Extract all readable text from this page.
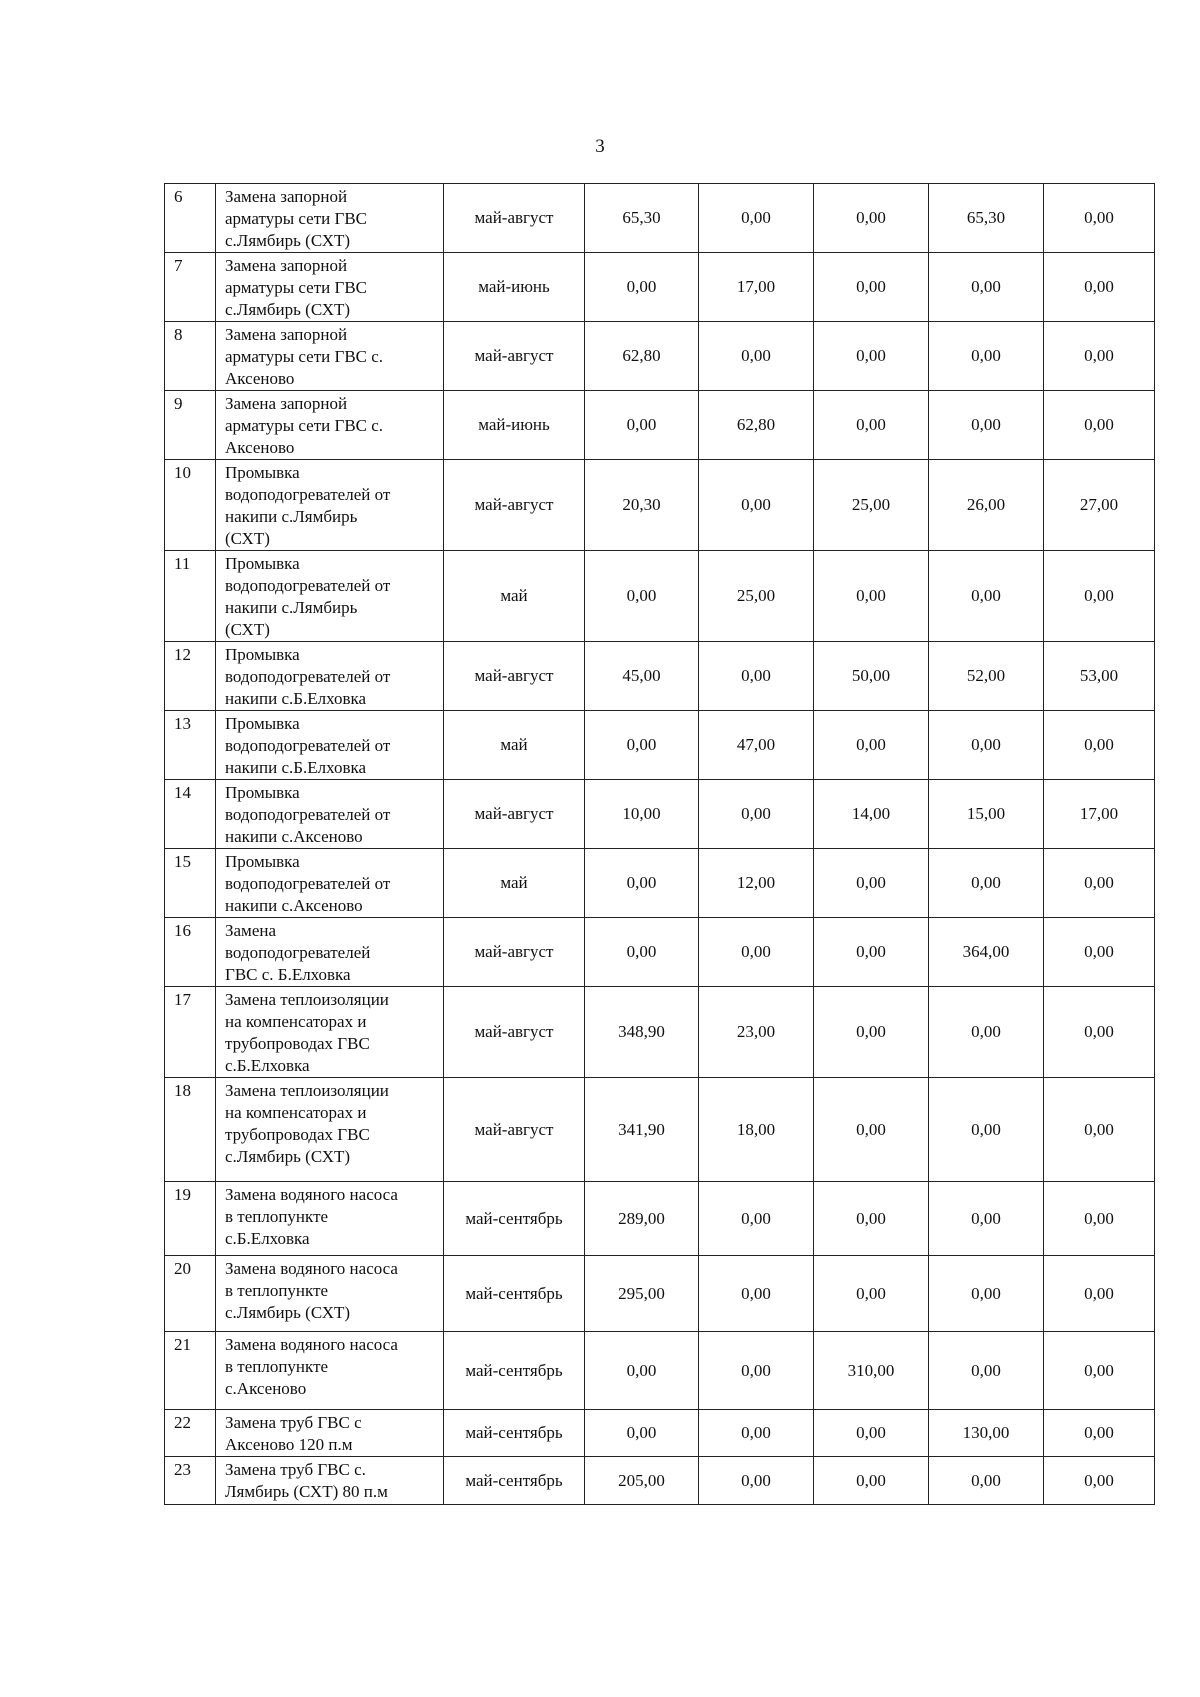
3
6	Замена запорной
арматуры сети ГВС
с.Лямбирь (СХТ)	май-август	65,30	0,00	0,00	65,30	0,00
7	Замена запорной
арматуры сети ГВС
с.Лямбирь (СХТ)	май-июнь	0,00	17,00	0,00	0,00	0,00
8	Замена запорной
арматуры сети ГВС с.
Аксеново	май-август	62,80	0,00	0,00	0,00	0,00
9	Замена запорной
арматуры сети ГВС с.
Аксеново	май-июнь	0,00	62,80	0,00	0,00	0,00
10	Промывка
водоподогревателей от
накипи с.Лямбирь
(СХТ)	май-август	20,30	0,00	25,00	26,00	27,00
11	Промывка
водоподогревателей от
накипи с.Лямбирь
(СХТ)	май	0,00	25,00	0,00	0,00	0,00
12	Промывка
водоподогревателей от
накипи с.Б.Елховка	май-август	45,00	0,00	50,00	52,00	53,00
13	Промывка
водоподогревателей от
накипи с.Б.Елховка	май	0,00	47,00	0,00	0,00	0,00
14	Промывка
водоподогревателей от
накипи с.Аксеново	май-август	10,00	0,00	14,00	15,00	17,00
15	Промывка
водоподогревателей от
накипи с.Аксеново	май	0,00	12,00	0,00	0,00	0,00
16	Замена
водоподогревателей
ГВС с. Б.Елховка	май-август	0,00	0,00	0,00	364,00	0,00
17	Замена теплоизоляции
на компенсаторах и
трубопроводах ГВС
с.Б.Елховка	май-август	348,90	23,00	0,00	0,00	0,00
18	Замена теплоизоляции
на компенсаторах и
трубопроводах ГВС
с.Лямбирь (СХТ)	май-август	341,90	18,00	0,00	0,00	0,00
19	Замена водяного насоса
в теплопункте
с.Б.Елховка	май-сентябрь	289,00	0,00	0,00	0,00	0,00
20	Замена водяного насоса
в теплопункте
с.Лямбирь (СХТ)	май-сентябрь	295,00	0,00	0,00	0,00	0,00
21	Замена водяного насоса
в теплопункте
с.Аксеново	май-сентябрь	0,00	0,00	310,00	0,00	0,00
22	Замена труб ГВС с
Аксеново 120 п.м	май-сентябрь	0,00	0,00	0,00	130,00	0,00
23	Замена труб ГВС с.
Лямбирь (СХТ) 80 п.м	май-сентябрь	205,00	0,00	0,00	0,00	0,00
